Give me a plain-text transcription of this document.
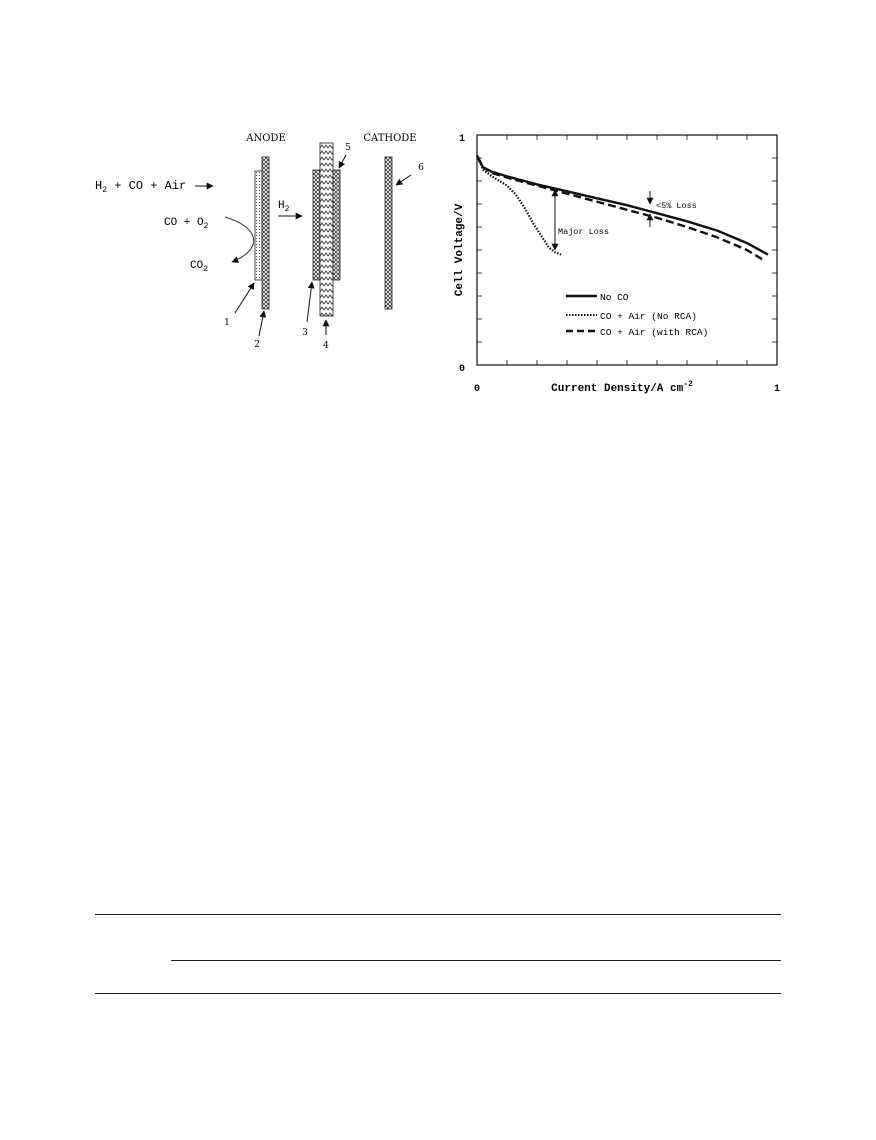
ANODE	CATHODE
$H_2$ + CO + Air
CO + $O_2$
$CO_2$
$H_2$
1
2
3
4
5
6
1
0
0	1
Current Density/A $cm^{-2}$
Cell Voltage/V	Major Loss
<5% Loss
No CO
CO + Air (No RCA)
CO + Air (with RCA)
